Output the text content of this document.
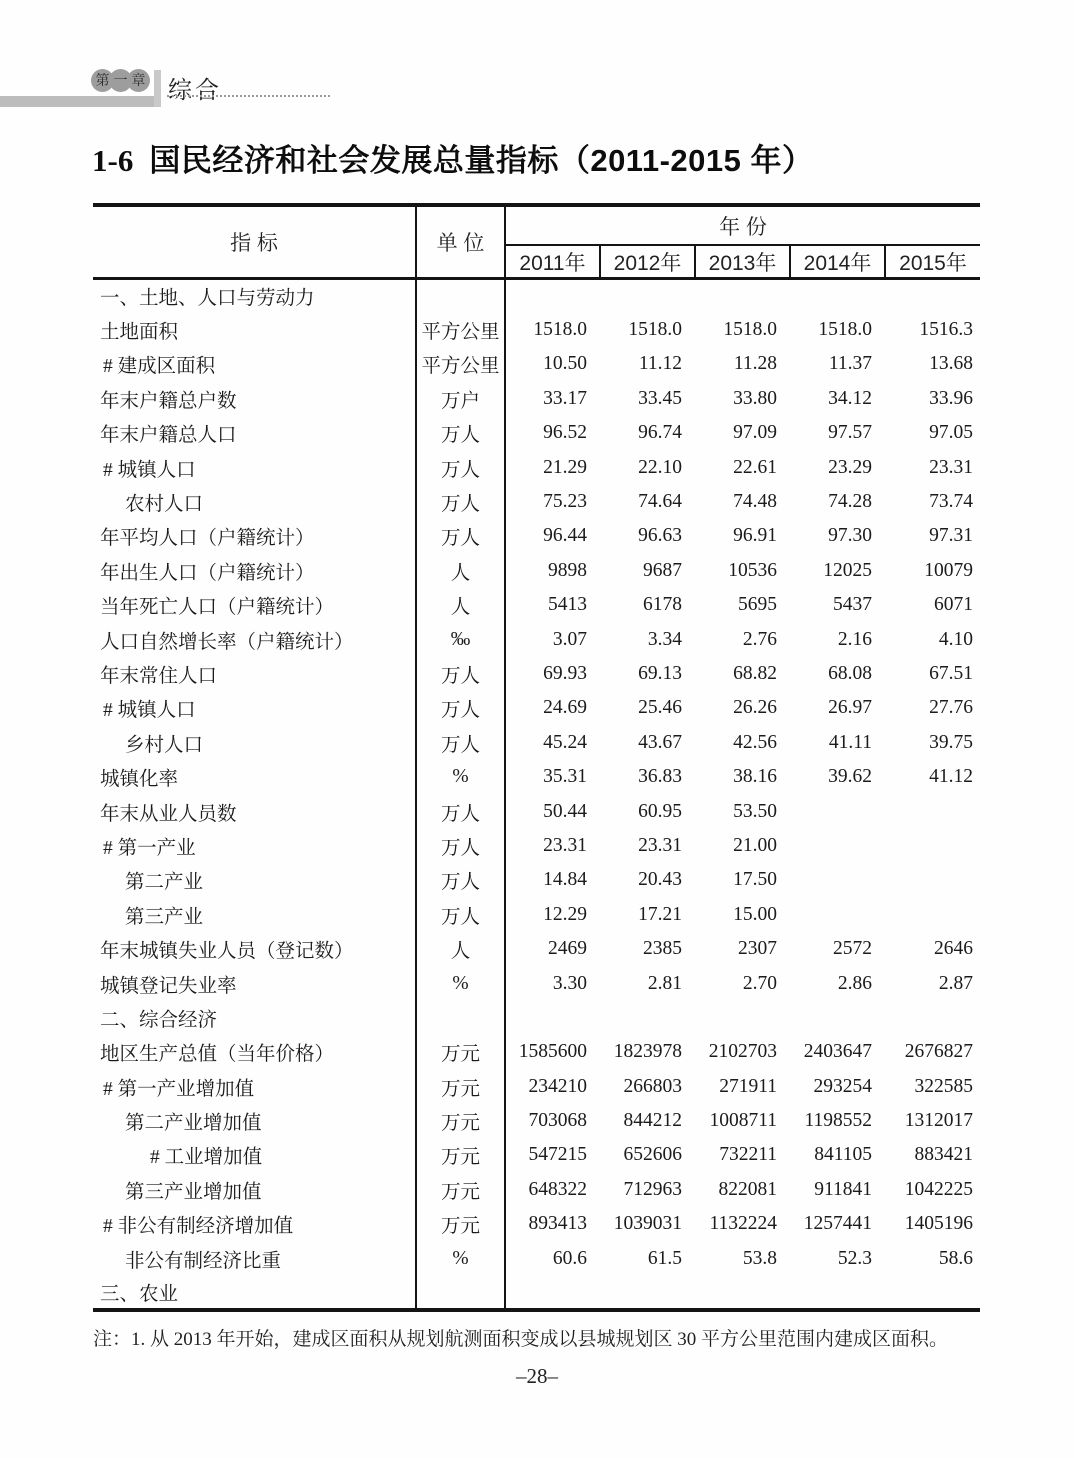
第 一 章 综合
1-6 国民经济和社会发展总量指标（2011-2015 年）
指 标	单 位	年 份				
		2011年	2012年	2013年	2014年	2015年
一、土地、人口与劳动力						
土地面积	平方公里	1518.0	1518.0	1518.0	1518.0	1516.3
# 建成区面积	平方公里	10.50	11.12	11.28	11.37	13.68
年末户籍总户数	万户	33.17	33.45	33.80	34.12	33.96
年末户籍总人口	万人	96.52	96.74	97.09	97.57	97.05
# 城镇人口	万人	21.29	22.10	22.61	23.29	23.31
农村人口	万人	75.23	74.64	74.48	74.28	73.74
年平均人口（户籍统计）	万人	96.44	96.63	96.91	97.30	97.31
年出生人口（户籍统计）	人	9898	9687	10536	12025	10079
当年死亡人口（户籍统计）	人	5413	6178	5695	5437	6071
人口自然增长率（户籍统计）	‰	3.07	3.34	2.76	2.16	4.10
年末常住人口	万人	69.93	69.13	68.82	68.08	67.51
# 城镇人口	万人	24.69	25.46	26.26	26.97	27.76
乡村人口	万人	45.24	43.67	42.56	41.11	39.75
城镇化率	%	35.31	36.83	38.16	39.62	41.12
年末从业人员数	万人	50.44	60.95	53.50		
# 第一产业	万人	23.31	23.31	21.00		
第二产业	万人	14.84	20.43	17.50		
第三产业	万人	12.29	17.21	15.00		
年末城镇失业人员（登记数）	人	2469	2385	2307	2572	2646
城镇登记失业率	%	3.30	2.81	2.70	2.86	2.87
二、综合经济						
地区生产总值（当年价格）	万元	1585600	1823978	2102703	2403647	2676827
# 第一产业增加值	万元	234210	266803	271911	293254	322585
第二产业增加值	万元	703068	844212	1008711	1198552	1312017
# 工业增加值	万元	547215	652606	732211	841105	883421
第三产业增加值	万元	648322	712963	822081	911841	1042225
# 非公有制经济增加值	万元	893413	1039031	1132224	1257441	1405196
非公有制经济比重	%	60.6	61.5	53.8	52.3	58.6
三、农业						
注：1. 从 2013 年开始，建成区面积从规划航测面积变成以县城规划区 30 平方公里范围内建成区面积。
–28–
